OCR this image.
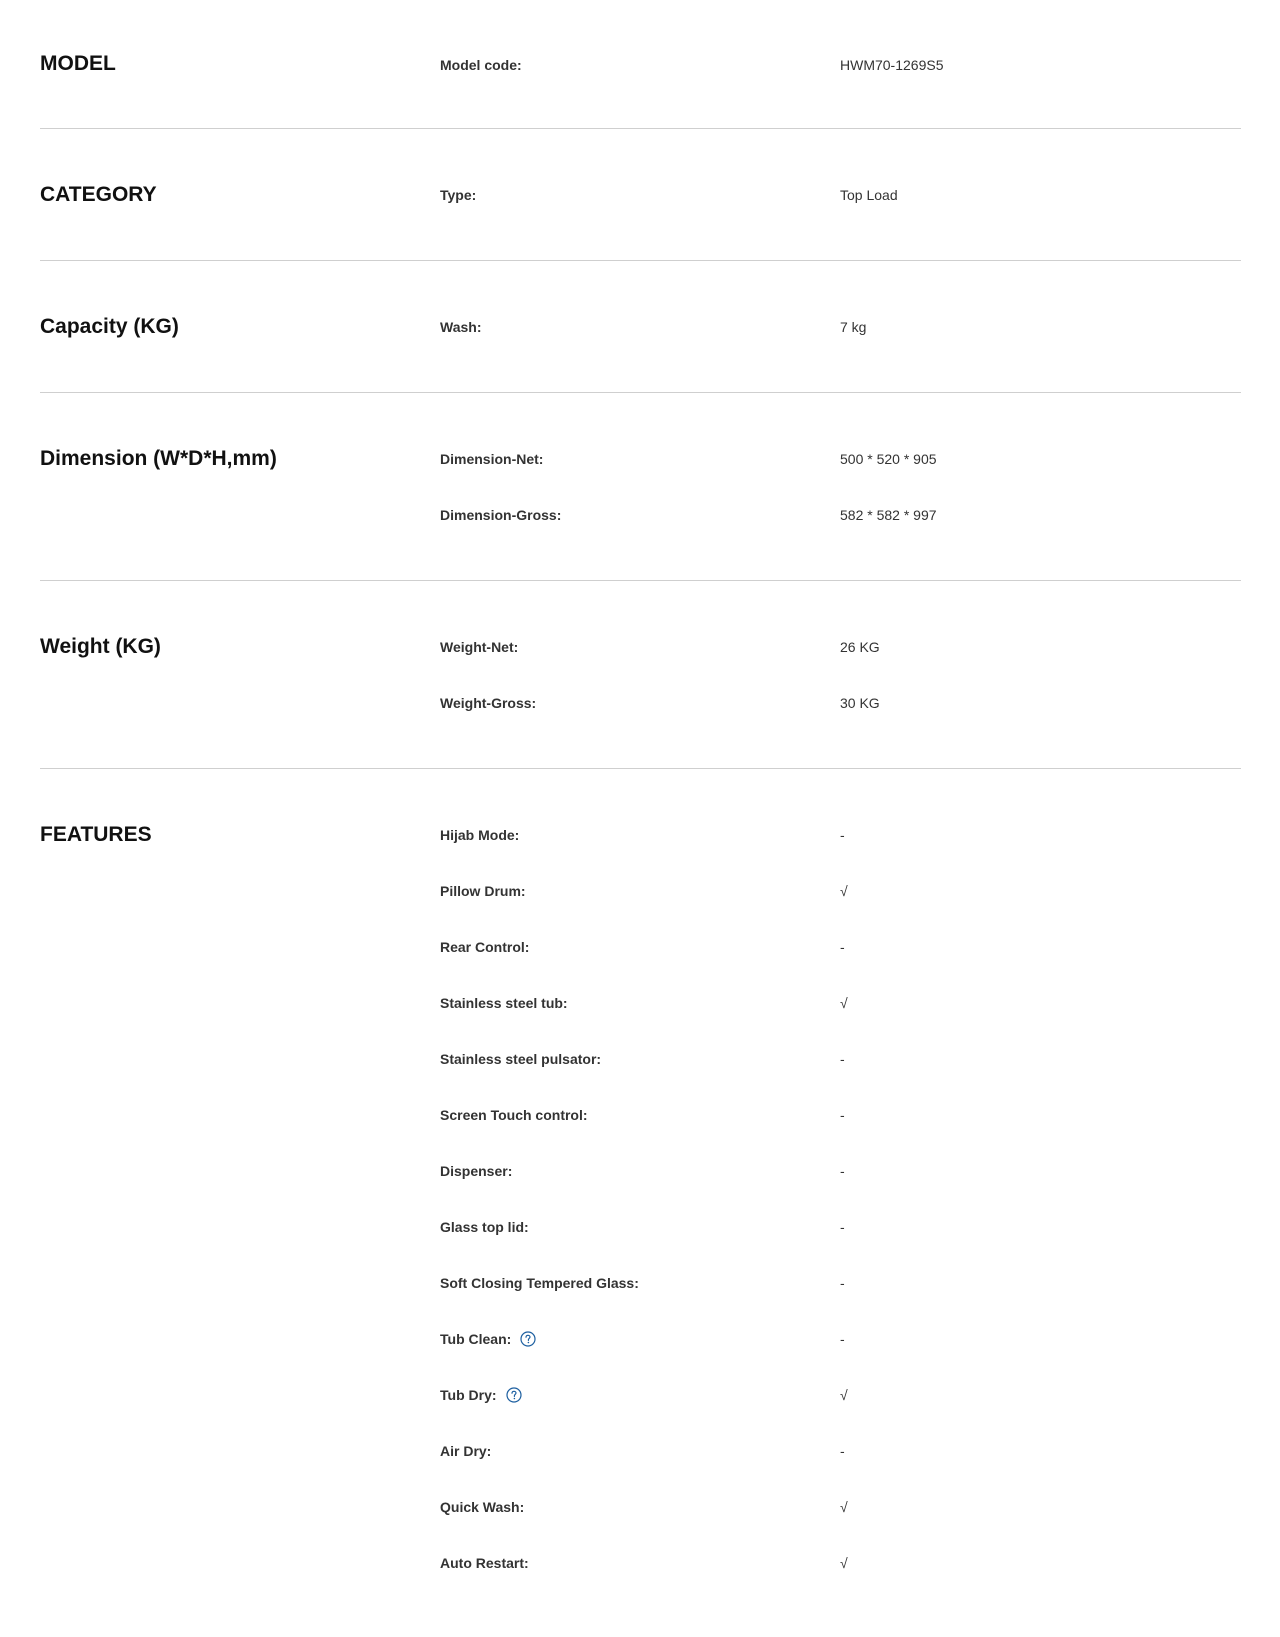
MODEL	Model code:	HWM70-1269S5
CATEGORY	Type:	Top Load
Capacity (KG)	Wash:	7 kg
Dimension (W*D*H,mm)	Dimension-Net:	500 * 520 * 905
Dimension-Gross:	582 * 582 * 997
Weight (KG)	Weight-Net:	26 KG
Weight-Gross:	30 KG
FEATURES	Hijab Mode:	-
Pillow Drum:	√
Rear Control:	-
Stainless steel tub:	√
Stainless steel pulsator:	-
Screen Touch control:	-
Dispenser:	-
Glass top lid:	-
Soft Closing Tempered Glass:	-
Tub Clean:	-
Tub Dry:	√
Air Dry:	-
Quick Wash:	√
Auto Restart:	√
